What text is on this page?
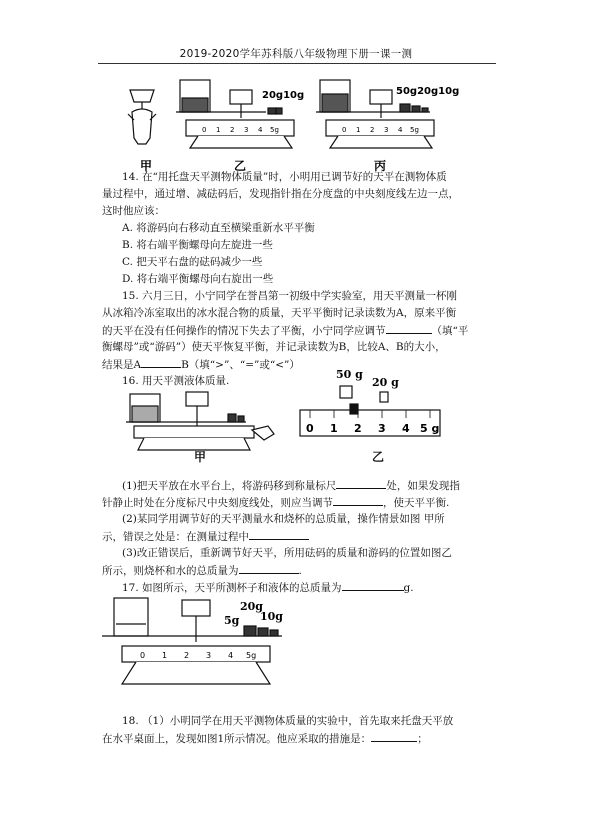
2019-2020学年苏科版八年级物理下册一课一测
20g10g	50g20g10g
0 1 2 3 4 5g	0 1 2 3 4 5g
甲	乙	丙
14. 在“用托盘天平测物体质量”时，小明用已调节好的天平在测物体质
量过程中，通过增、减砝码后，发现指针指在分度盘的中央刻度线左边一点，
这时他应该：
A. 将游码向右移动直至横梁重新水平平衡
B. 将右端平衡螺母向左旋进一些
C. 把天平右盘的砝码减少一些
D. 将右端平衡螺母向右旋出一些
15. 六月三日，小宁同学在誉昌第一初级中学实验室，用天平测量一杯刚
从冰箱冷冻室取出的冰水混合物的质量，天平平衡时记录读数为A，原来平衡
的天平在没有任何操作的情况下失去了平衡，小宁同学应调节	（填“平
衡螺母”或“游码”）使天平恢复平衡，并记录读数为B，比较A、B的大小，
结果是A	B（填“>”、“=”或“<”）
16. 用天平测液体质量.
甲
50 g
20 g
0 1 2 3 4 5 g
乙
(1)把天平放在水平台上，将游码移到称量标尺	处，如果发现指
针静止时处在分度标尺中央刻度线处，则应当调节	，使天平平衡.
(2)某同学用调节好的天平测量水和烧杯的总质量，操作情景如图 甲所
示，错误之处是：在测量过程中
(3)改正错误后，重新调节好天平，所用砝码的质量和游码的位置如图乙
所示，则烧杯和水的总质量为	.
17. 如图所示，天平所测杯子和液体的总质量为	g.
20g
10g
5g
0 1 2 3 4 5g
18. （1）小明同学在用天平测物体质量的实验中，首先取来托盘天平放
在水平桌面上，发现如图1所示情况。他应采取的措施是：	；
